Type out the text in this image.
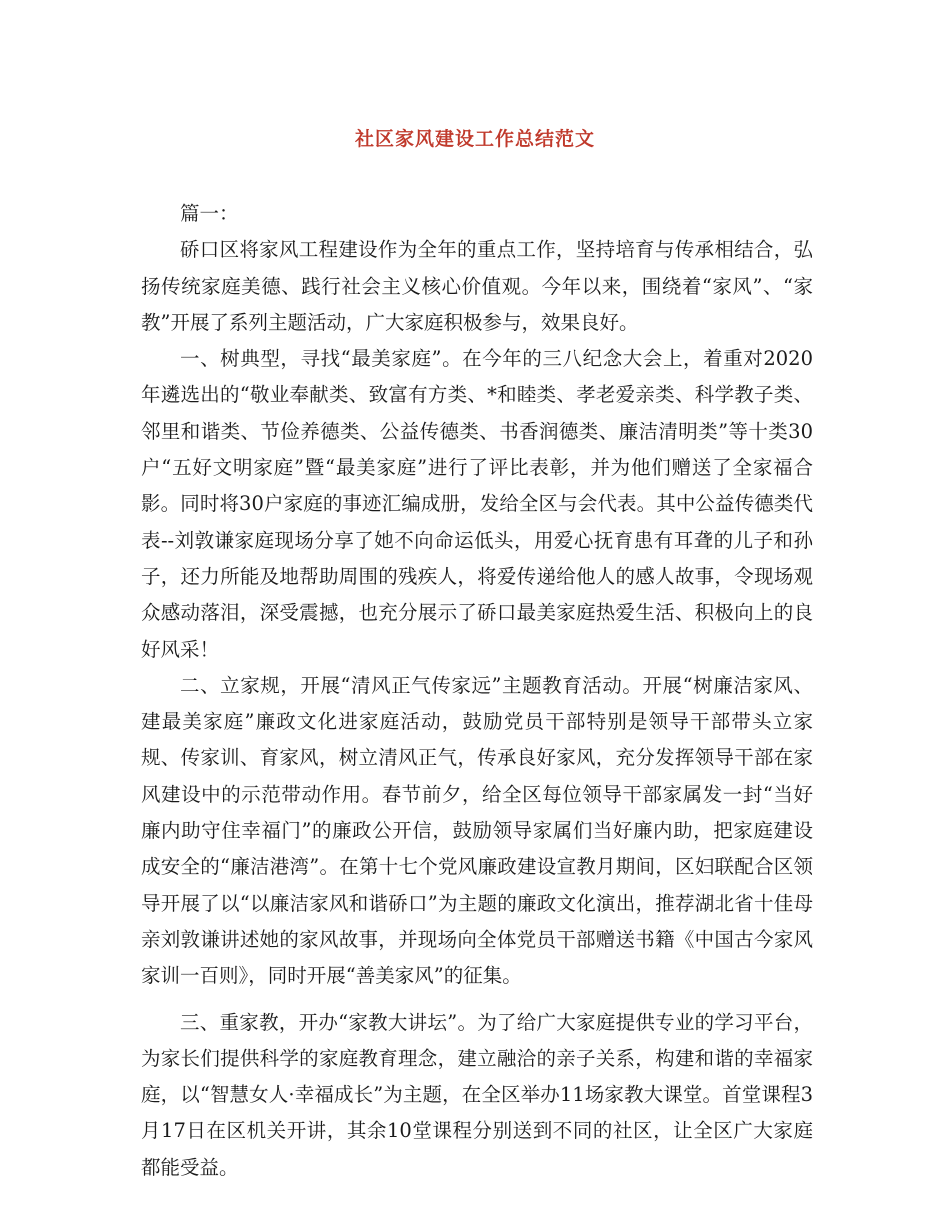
社区家风建设工作总结范文

篇一：

硚口区将家风工程建设作为全年的重点工作，坚持培育与传承相结合，弘扬传统家庭美德、践行社会主义核心价值观。今年以来，围绕着“家风”、“家教”开展了系列主题活动，广大家庭积极参与，效果良好。

一、树典型，寻找“最美家庭”。在今年的三八纪念大会上，着重对2020年遴选出的“敬业奉献类、致富有方类、*和睦类、孝老爱亲类、科学教子类、邻里和谐类、节俭养德类、公益传德类、书香润德类、廉洁清明类”等十类30户“五好文明家庭”暨“最美家庭”进行了评比表彰，并为他们赠送了全家福合影。同时将30户家庭的事迹汇编成册，发给全区与会代表。其中公益传德类代表--刘敦谦家庭现场分享了她不向命运低头，用爱心抚育患有耳聋的儿子和孙子，还力所能及地帮助周围的残疾人，将爱传递给他人的感人故事，令现场观众感动落泪，深受震撼，也充分展示了硚口最美家庭热爱生活、积极向上的良好风采！

二、立家规，开展“清风正气传家远”主题教育活动。开展“树廉洁家风、建最美家庭”廉政文化进家庭活动，鼓励党员干部特别是领导干部带头立家规、传家训、育家风，树立清风正气，传承良好家风，充分发挥领导干部在家风建设中的示范带动作用。春节前夕，给全区每位领导干部家属发一封“当好廉内助守住幸福门”的廉政公开信，鼓励领导家属们当好廉内助，把家庭建设成安全的“廉洁港湾”。在第十七个党风廉政建设宣教月期间，区妇联配合区领导开展了以“以廉洁家风和谐硚口”为主题的廉政文化演出，推荐湖北省十佳母亲刘敦谦讲述她的家风故事，并现场向全体党员干部赠送书籍《中国古今家风家训一百则》，同时开展“善美家风”的征集。

三、重家教，开办“家教大讲坛”。为了给广大家庭提供专业的学习平台，为家长们提供科学的家庭教育理念，建立融洽的亲子关系，构建和谐的幸福家庭，以“智慧女人·幸福成长”为主题，在全区举办11场家教大课堂。首堂课程3月17日在区机关开讲，其余10堂课程分别送到不同的社区，让全区广大家庭都能受益。
